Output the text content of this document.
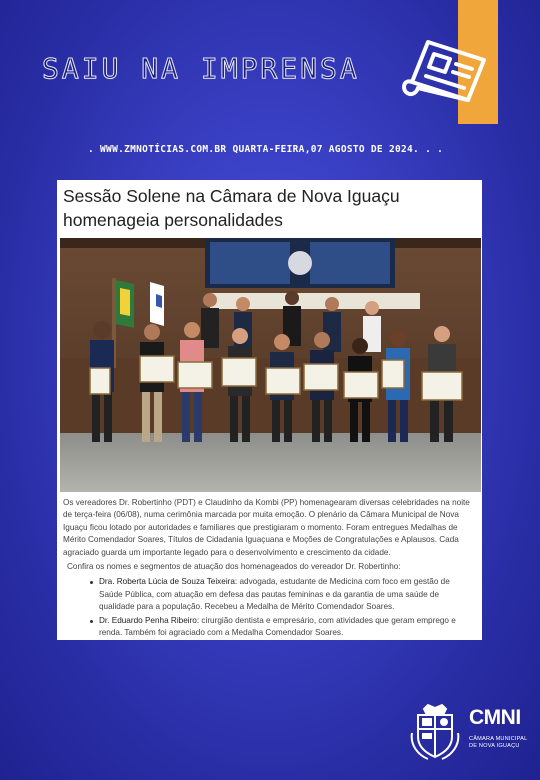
SAIU NA IMPRENSA
. WWW.ZMNOTÍCIAS.COM.BR QUARTA-FEIRA,07 AGOSTO DE 2024. . .
Sessão Solene na Câmara de Nova Iguaçu homenageia personalidades

Os vereadores Dr. Robertinho (PDT) e Claudinho da Kombi (PP) homenagearam diversas celebridades na noite de terça-feira (06/08), numa cerimônia marcada por muita emoção. O plenário da Câmara Municipal de Nova Iguaçu ficou lotado por autoridades e familiares que prestigiaram o momento. Foram entregues Medalhas de Mérito Comendador Soares, Títulos de Cidadania Iguaçuana e Moções de Congratulações e Aplausos. Cada agraciado guarda um importante legado para o desenvolvimento e crescimento da cidade.

Confira os nomes e segmentos de atuação dos homenageados do vereador Dr. Robertinho:

Dra. Roberta Lúcia de Souza Teixeira: advogada, estudante de Medicina com foco em gestão de Saúde Pública, com atuação em defesa das pautas femininas e da garantia de uma saúde de qualidade para a população. Recebeu a Medalha de Mérito Comendador Soares.
Dr. Eduardo Penha Ribeiro: cirurgião dentista e empresário, com atividades que geram emprego e renda. Também foi agraciado com a Medalha Comendador Soares.
CMNI
CÂMARA MUNICIPAL DE NOVA IGUAÇU
